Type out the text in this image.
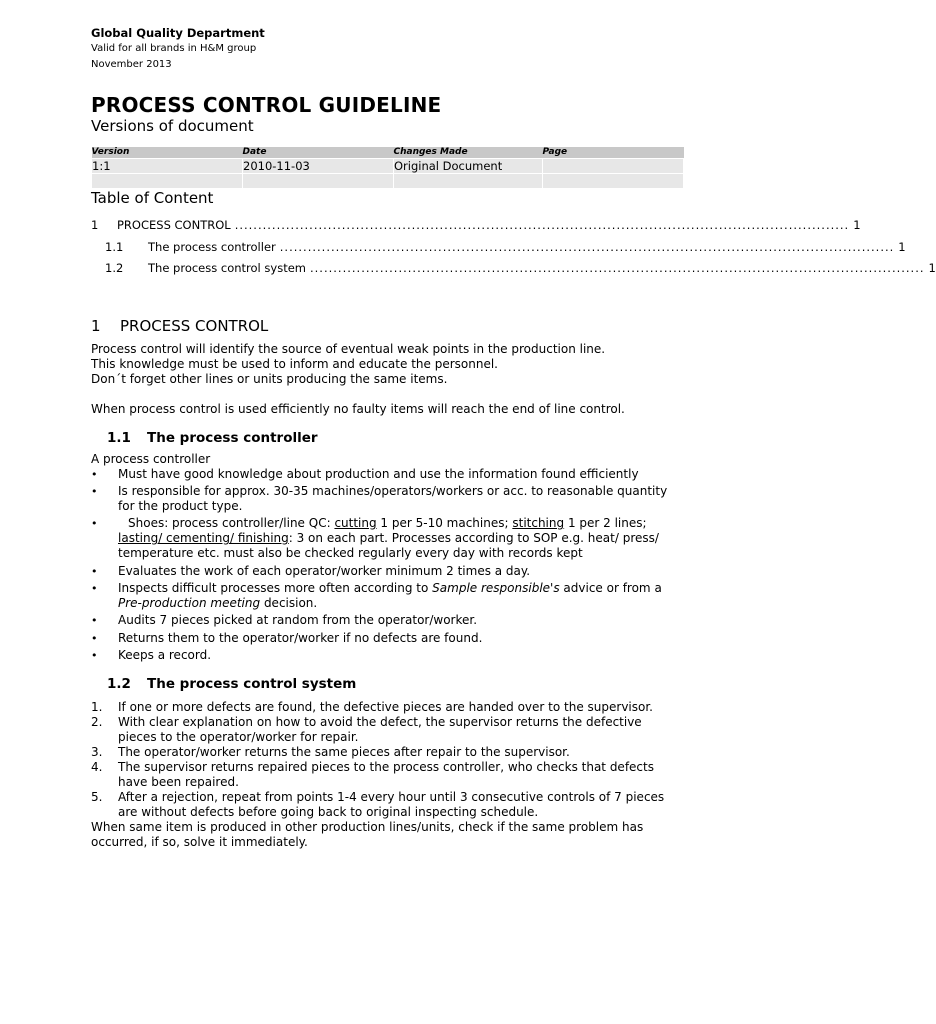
Global Quality Department
Valid for all brands in H&M group
November 2013
PROCESS CONTROL GUIDELINE
Versions of document
Version	Date	Changes Made	Page
1:1	2010-11-03	Original Document	

Table of Content
1	PROCESS CONTROL .................................................................................................................................... 1
1.1	The process controller .................................................................................................................................... 1
1.2	The process control system .................................................................................................................................... 1
1	PROCESS CONTROL

Process control will identify the source of eventual weak points in the production line.

This knowledge must be used to inform and educate the personnel.

Don´t forget other lines or units producing the same items.

When process control is used efficiently no faulty items will reach the end of line control.

1.1	The process controller

A process controller

• Must have good knowledge about production and use the information found efficiently
• Is responsible for approx. 30-35 machines/operators/workers or acc. to reasonable quantity for the product type.
• Shoes: process controller/line QC: cutting 1 per 5-10 machines; stitching 1 per 2 lines; lasting/ cementing/ finishing: 3 on each part. Processes according to SOP e.g. heat/ press/ temperature etc. must also be checked regularly every day with records kept
• Evaluates the work of each operator/worker minimum 2 times a day.
• Inspects difficult processes more often according to Sample responsible's advice or from a Pre-production meeting decision.
• Audits 7 pieces picked at random from the operator/worker.
• Returns them to the operator/worker if no defects are found.
• Keeps a record.
1.2	The process control system
1. If one or more defects are found, the defective pieces are handed over to the supervisor.
2. With clear explanation on how to avoid the defect, the supervisor returns the defective pieces to the operator/worker for repair.
3. The operator/worker returns the same pieces after repair to the supervisor.
4. The supervisor returns repaired pieces to the process controller, who checks that defects have been repaired.
5. After a rejection, repeat from points 1-4 every hour until 3 consecutive controls of 7 pieces are without defects before going back to original inspecting schedule.

When same item is produced in other production lines/units, check if the same problem has occurred, if so, solve it immediately.
